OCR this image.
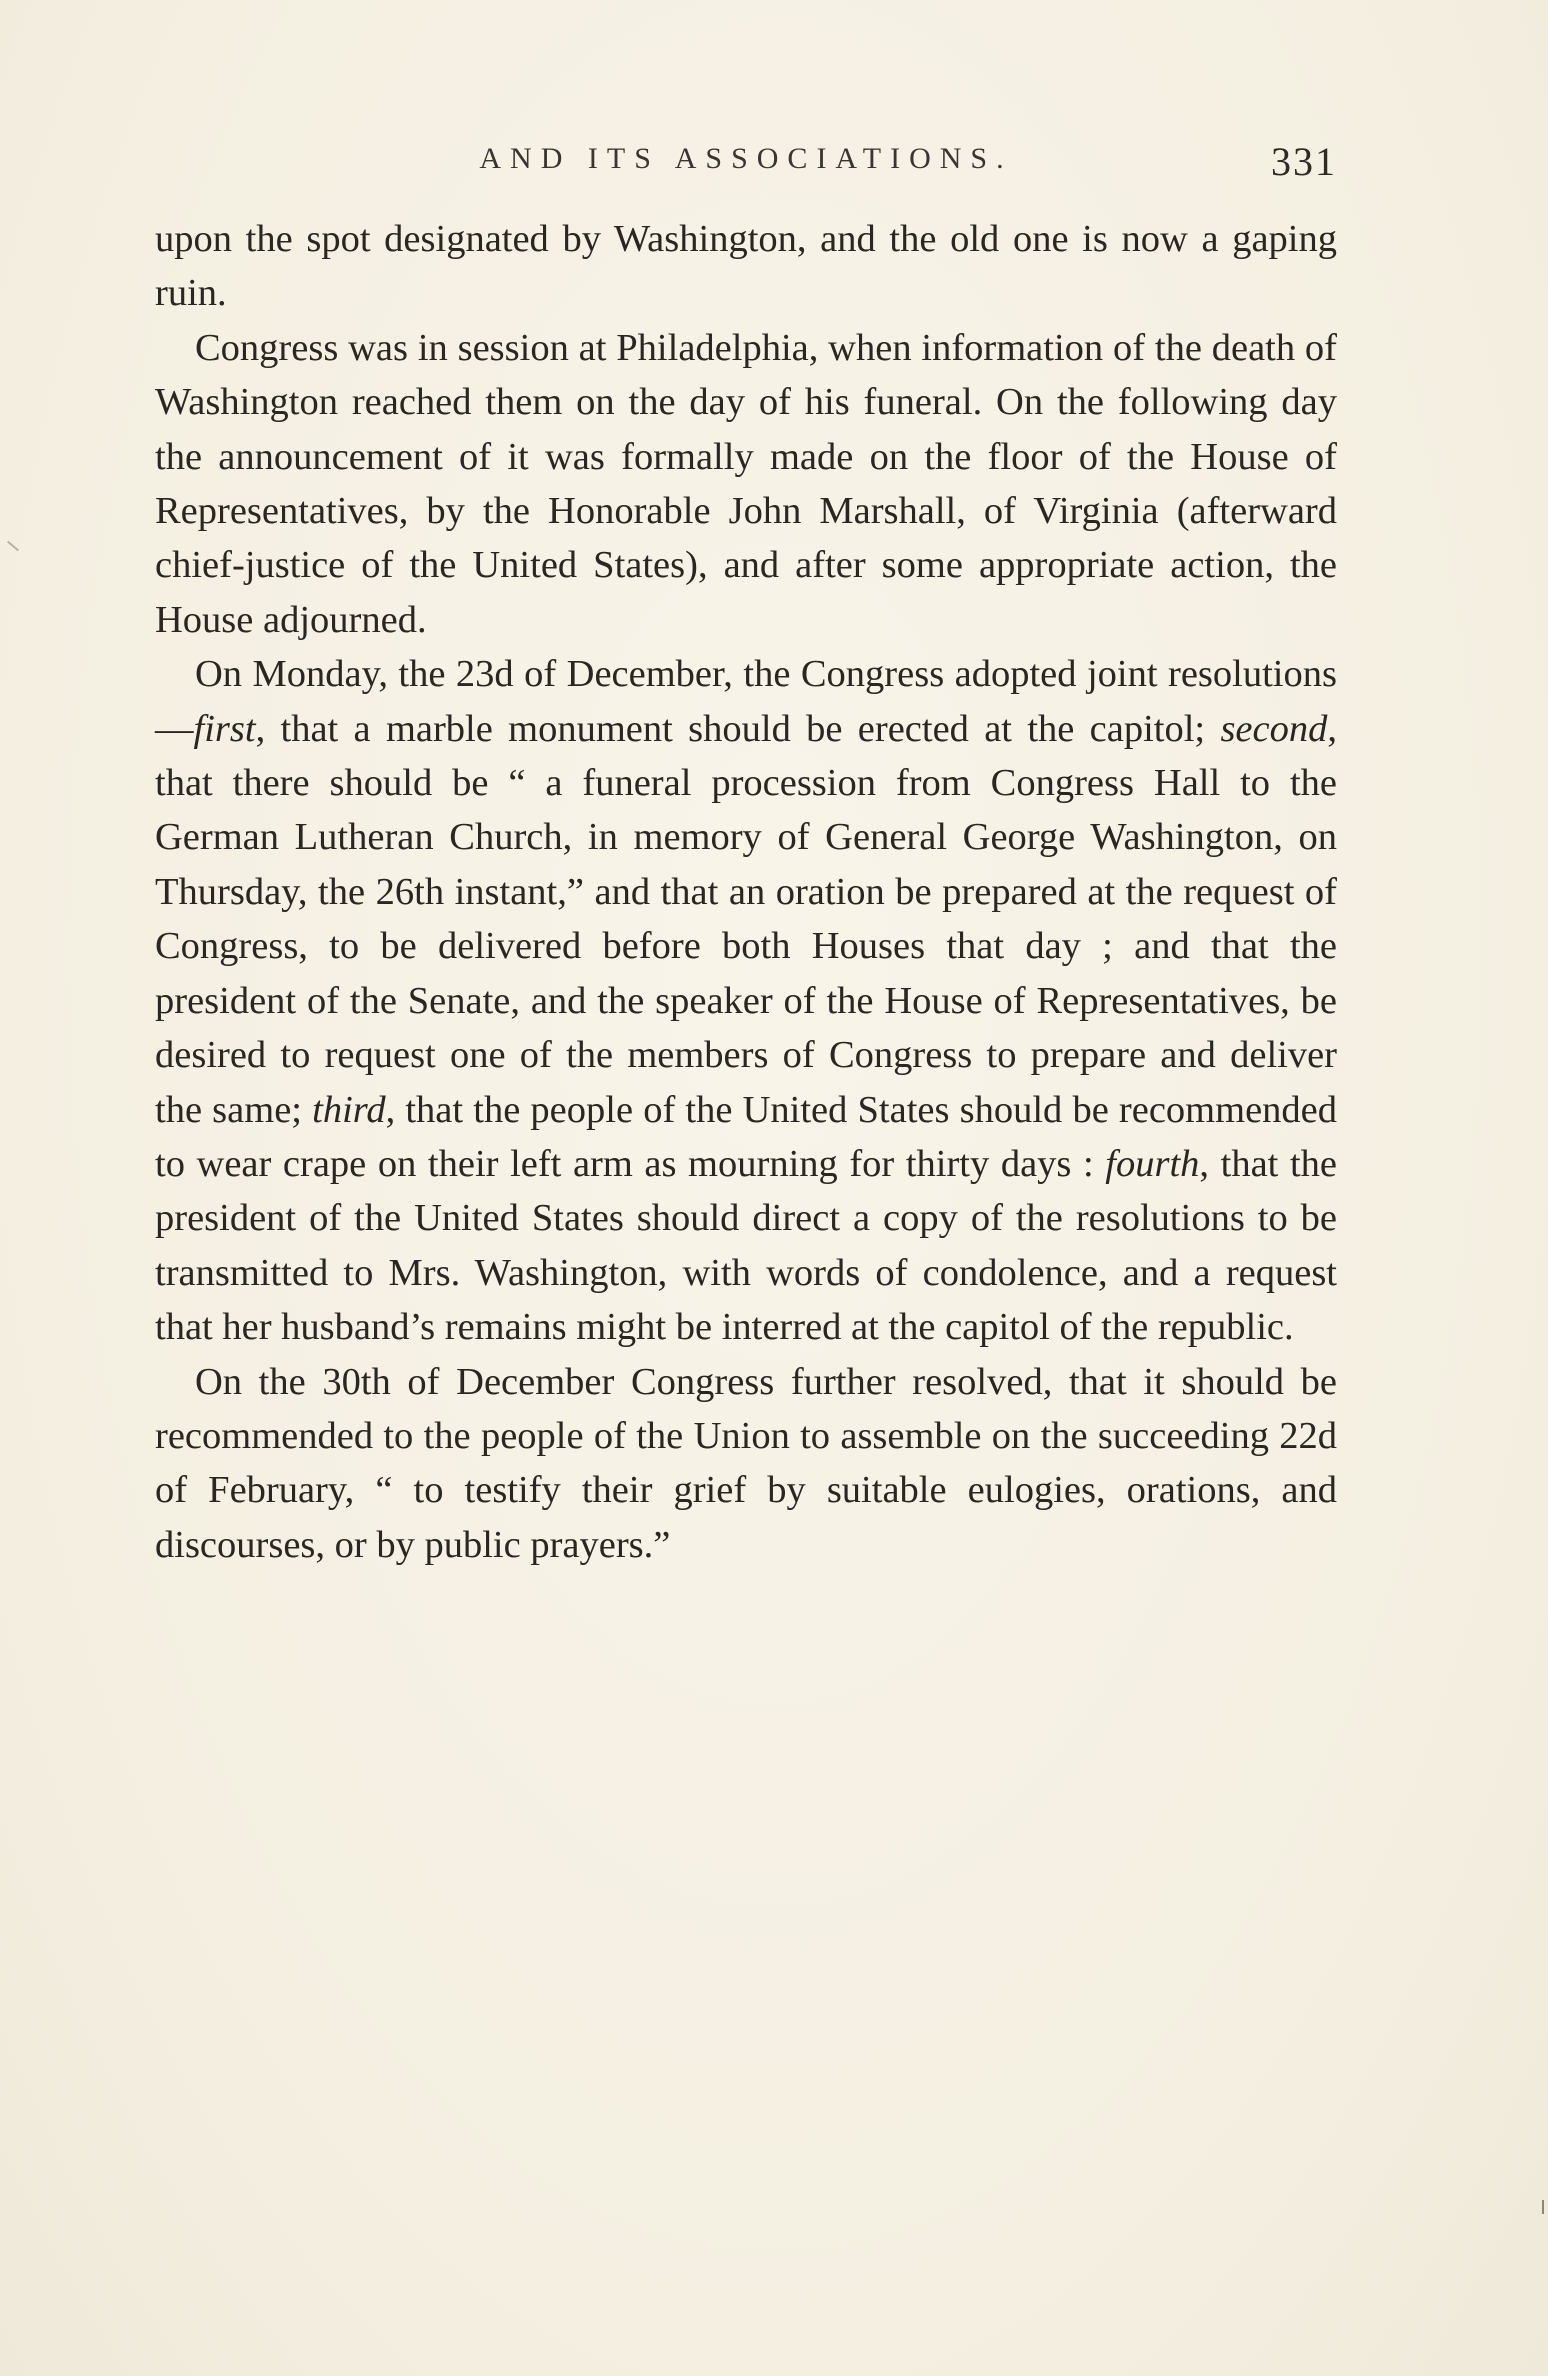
AND ITS ASSOCIATIONS.	331

upon the spot designated by Washington, and the old one is now a gaping ruin.

Congress was in session at Philadelphia, when information of the death of Washington reached them on the day of his funeral. On the following day the announcement of it was formally made on the floor of the House of Representatives, by the Honorable John Marshall, of Virginia (afterward chief-justice of the United States), and after some appropriate action, the House adjourned.

On Monday, the 23d of December, the Congress adopted joint resolutions—first, that a marble monument should be erected at the capitol; second, that there should be “ a funeral procession from Congress Hall to the German Lutheran Church, in memory of General George Washington, on Thursday, the 26th instant,” and that an oration be prepared at the request of Congress, to be delivered before both Houses that day ; and that the president of the Senate, and the speaker of the House of Representatives, be desired to request one of the members of Congress to prepare and deliver the same; third, that the people of the United States should be recommended to wear crape on their left arm as mourning for thirty days : fourth, that the president of the United States should direct a copy of the resolutions to be transmitted to Mrs. Washington, with words of condolence, and a request that her husband’s remains might be interred at the capitol of the republic.

On the 30th of December Congress further resolved, that it should be recommended to the people of the Union to assemble on the succeeding 22d of February, “ to testify their grief by suitable eulogies, orations, and discourses, or by public prayers.”
